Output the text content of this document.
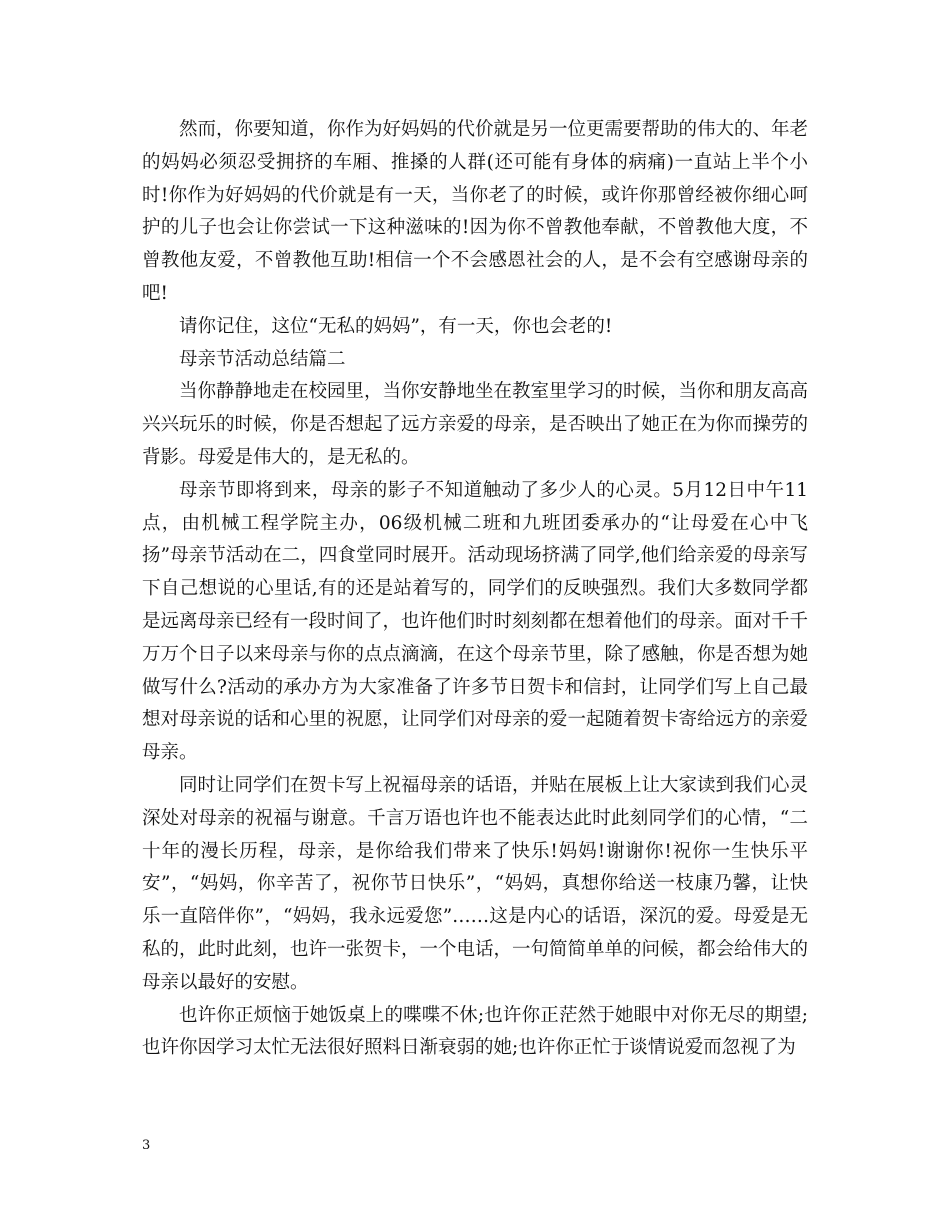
然而，你要知道，你作为好妈妈的代价就是另一位更需要帮助的伟大的、年老的妈妈必须忍受拥挤的车厢、推搡的人群(还可能有身体的病痛)一直站上半个小时!你作为好妈妈的代价就是有一天，当你老了的时候，或许你那曾经被你细心呵护的儿子也会让你尝试一下这种滋味的!因为你不曾教他奉献，不曾教他大度，不曾教他友爱，不曾教他互助!相信一个不会感恩社会的人，是不会有空感谢母亲的吧!

请你记住，这位“无私的妈妈”，有一天，你也会老的!

母亲节活动总结篇二

当你静静地走在校园里，当你安静地坐在教室里学习的时候，当你和朋友高高兴兴玩乐的时候，你是否想起了远方亲爱的母亲，是否映出了她正在为你而操劳的背影。母爱是伟大的，是无私的。

母亲节即将到来，母亲的影子不知道触动了多少人的心灵。5月12日中午11点，由机械工程学院主办，06级机械二班和九班团委承办的“让母爱在心中飞扬”母亲节活动在二，四食堂同时展开。活动现场挤满了同学,他们给亲爱的母亲写下自己想说的心里话,有的还是站着写的，同学们的反映强烈。我们大多数同学都是远离母亲已经有一段时间了，也许他们时时刻刻都在想着他们的母亲。面对千千万万个日子以来母亲与你的点点滴滴，在这个母亲节里，除了感触，你是否想为她做写什么?活动的承办方为大家准备了许多节日贺卡和信封，让同学们写上自己最想对母亲说的话和心里的祝愿，让同学们对母亲的爱一起随着贺卡寄给远方的亲爱母亲。

同时让同学们在贺卡写上祝福母亲的话语，并贴在展板上让大家读到我们心灵深处对母亲的祝福与谢意。千言万语也许也不能表达此时此刻同学们的心情，“二十年的漫长历程，母亲，是你给我们带来了快乐!妈妈!谢谢你!祝你一生快乐平安”，“妈妈，你辛苦了，祝你节日快乐”，“妈妈，真想你给送一枝康乃馨，让快乐一直陪伴你”，“妈妈，我永远爱您”……这是内心的话语，深沉的爱。母爱是无私的，此时此刻，也许一张贺卡，一个电话，一句简简单单的问候，都会给伟大的母亲以最好的安慰。

也许你正烦恼于她饭桌上的喋喋不休;也许你正茫然于她眼中对你无尽的期望;也许你因学习太忙无法很好照料日渐衰弱的她;也许你正忙于谈情说爱而忽视了为

3
